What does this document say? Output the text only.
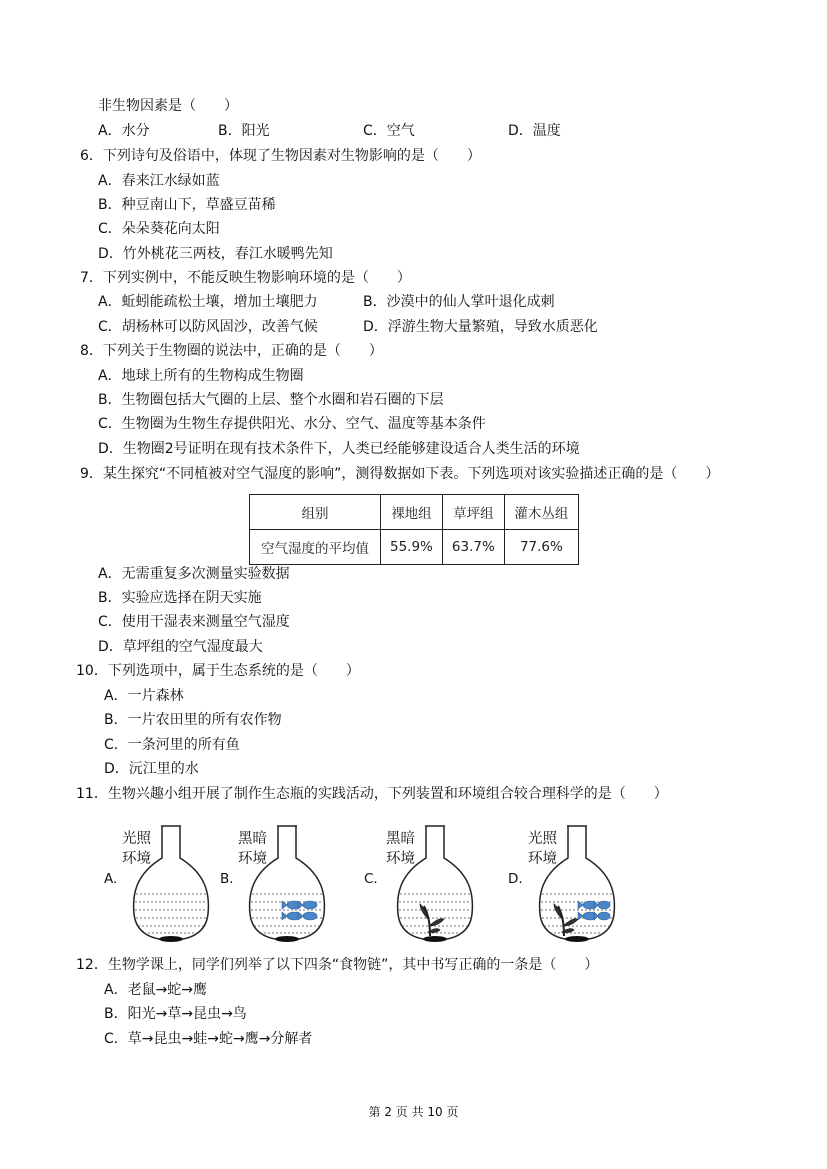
非生物因素是（　　）
A．水分	B．阳光	C．空气	D．温度
6．下列诗句及俗语中，体现了生物因素对生物影响的是（　　）
A．春来江水绿如蓝
B．种豆南山下，草盛豆苗稀
C．朵朵葵花向太阳
D．竹外桃花三两枝，春江水暖鸭先知
7．下列实例中，不能反映生物影响环境的是（　　）
A．蚯蚓能疏松土壤，增加土壤肥力	B．沙漠中的仙人掌叶退化成刺
C．胡杨林可以防风固沙，改善气候	D．浮游生物大量繁殖，导致水质恶化
8．下列关于生物圈的说法中，正确的是（　　）
A．地球上所有的生物构成生物圈
B．生物圈包括大气圈的上层、整个水圈和岩石圈的下层
C．生物圈为生物生存提供阳光、水分、空气、温度等基本条件
D．生物圈2号证明在现有技术条件下，人类已经能够建设适合人类生活的环境
9．某生探究“不同植被对空气湿度的影响”，测得数据如下表。下列选项对该实验描述正确的是（　　）
组别	裸地组	草坪组	灌木丛组
空气湿度的平均值	55.9%	63.7%	77.6%
A．无需重复多次测量实验数据
B．实验应选择在阴天实施
C．使用干湿表来测量空气湿度
D．草坪组的空气湿度最大
10．下列选项中，属于生态系统的是（　　）
A．一片森林
B．一片农田里的所有农作物
C．一条河里的所有鱼
D．沅江里的水
11．生物兴趣小组开展了制作生态瓶的实践活动，下列装置和环境组合较合理科学的是（　　）
光照
环境
A.
黑暗
环境
B.
黑暗
环境
C.
光照
环境
D.
12．生物学课上，同学们列举了以下四条“食物链”，其中书写正确的一条是（　　）
A．老鼠→蛇→鹰
B．阳光→草→昆虫→鸟
C．草→昆虫→蛙→蛇→鹰→分解者
第 2 页 共 10 页
